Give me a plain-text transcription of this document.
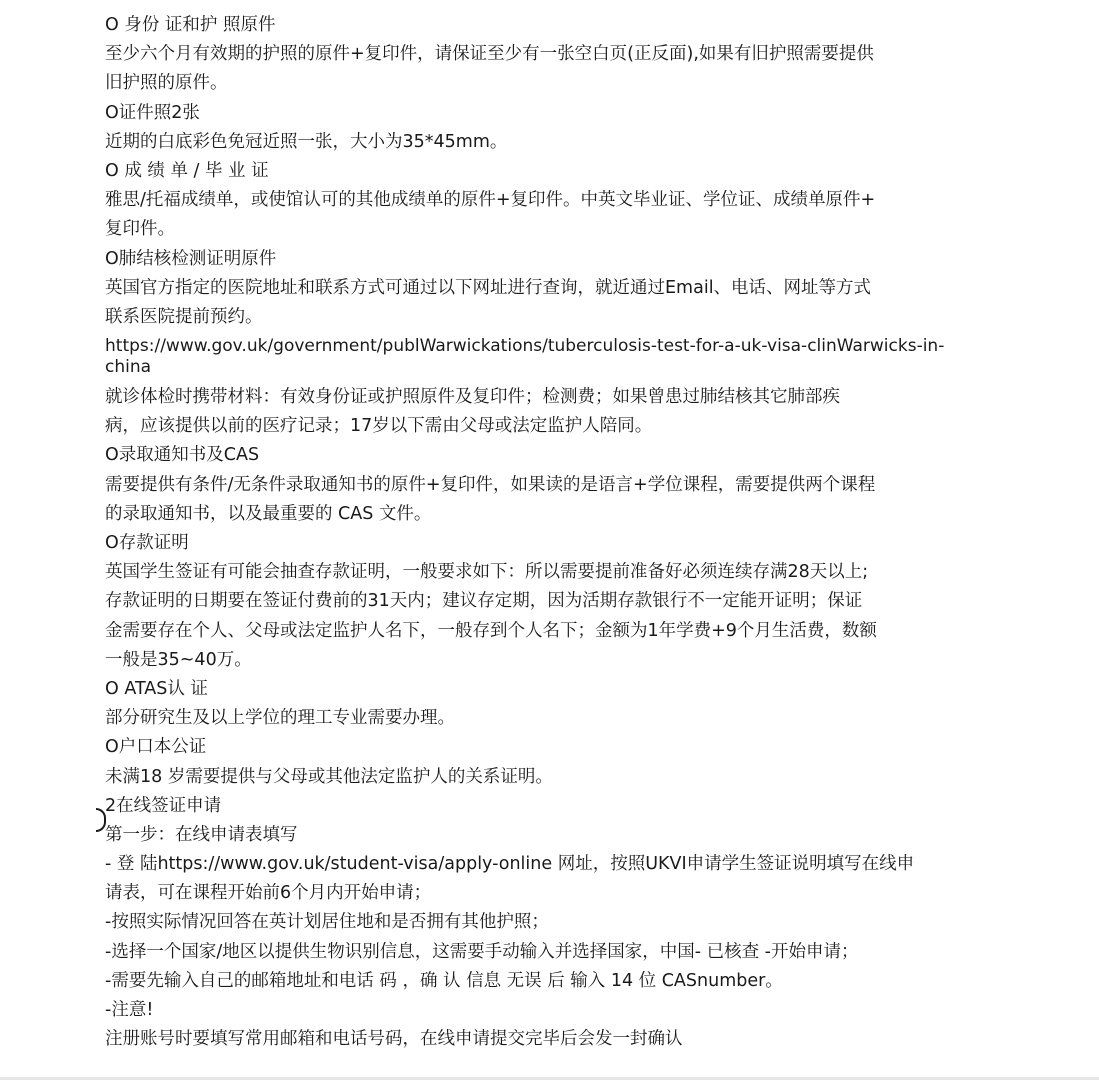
O 身份 证和护 照原件
至少六个月有效期的护照的原件+复印件，请保证至少有一张空白页(正反面),如果有旧护照需要提供
旧护照的原件。
O证件照2张
近期的白底彩色免冠近照一张，大小为35*45mm。
O 成 绩 单 / 毕 业 证
雅思/托福成绩单，或使馆认可的其他成绩单的原件+复印件。中英文毕业证、学位证、成绩单原件+
复印件。
O肺结核检测证明原件
英国官方指定的医院地址和联系方式可通过以下网址进行查询，就近通过Email、电话、网址等方式
联系医院提前预约。
https://www.gov.uk/government/publWarwickations/tuberculosis-test-for-a-uk-visa-clinWarwicks-in-
china
就诊体检时携带材料：有效身份证或护照原件及复印件；检测费；如果曾患过肺结核其它肺部疾
病，应该提供以前的医疗记录；17岁以下需由父母或法定监护人陪同。
O录取通知书及CAS
需要提供有条件/无条件录取通知书的原件+复印件，如果读的是语言+学位课程，需要提供两个课程
的录取通知书，以及最重要的 CAS 文件。
O存款证明
英国学生签证有可能会抽查存款证明，一般要求如下：所以需要提前准备好必须连续存满28天以上;
存款证明的日期要在签证付费前的31天内；建议存定期，因为活期存款银行不一定能开证明；保证
金需要存在个人、父母或法定监护人名下，一般存到个人名下；金额为1年学费+9个月生活费，数额
一般是35~40万。
O ATAS认 证
部分研究生及以上学位的理工专业需要办理。
O户口本公证
未满18 岁需要提供与父母或其他法定监护人的关系证明。
2在线签证申请
第一步：在线申请表填写
- 登 陆https://www.gov.uk/student-visa/apply-online 网址，按照UKVI申请学生签证说明填写在线申
请表，可在课程开始前6个月内开始申请；
-按照实际情况回答在英计划居住地和是否拥有其他护照；
-选择一个国家/地区以提供生物识别信息，这需要手动输入并选择国家，中国- 已核查 -开始申请；
-需要先输入自己的邮箱地址和电话 码 ，确 认 信息 无误 后 输入 14 位 CASnumber。
-注意!
注册账号时要填写常用邮箱和电话号码，在线申请提交完毕后会发一封确认
